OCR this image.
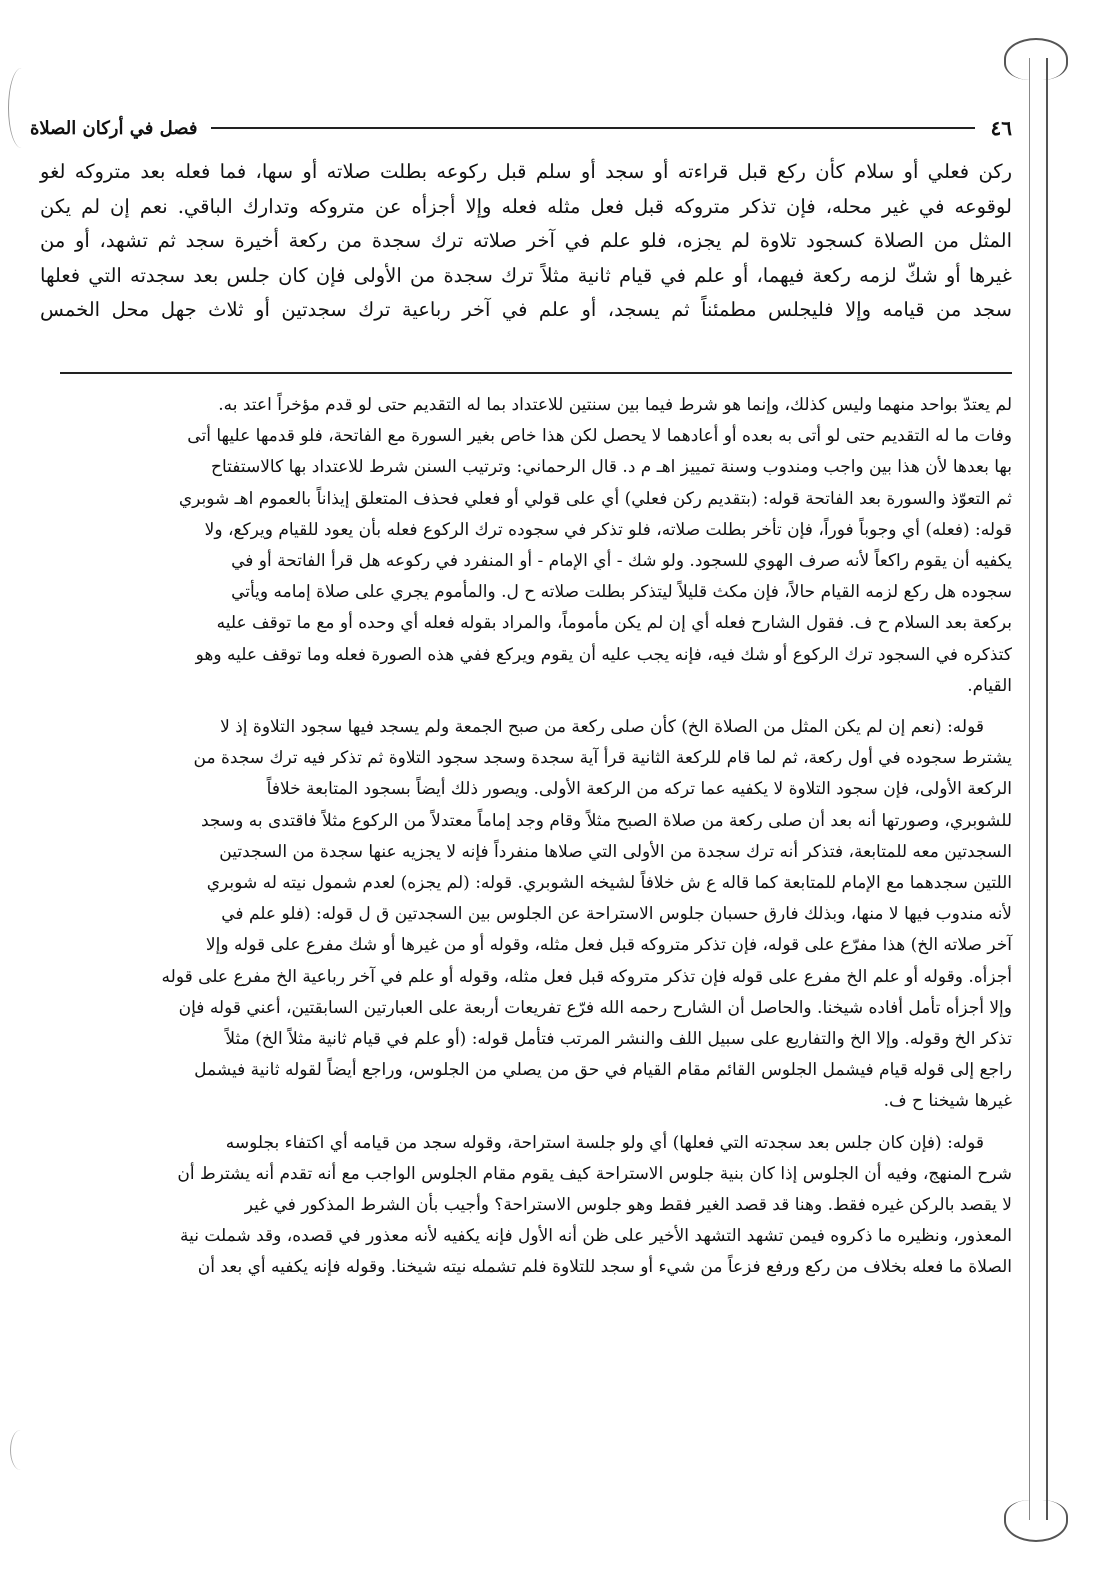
٤٦
فصل في أركان الصلاة

ركن فعلي أو سلام كأن ركع قبل قراءته أو سجد أو سلم قبل ركوعه بطلت صلاته أو سها، فما فعله بعد متروكه لغو

لوقوعه في غير محله، فإن تذكر متروكه قبل فعل مثله فعله وإلا أجزأه عن متروكه وتدارك الباقي. نعم إن لم يكن

المثل من الصلاة كسجود تلاوة لم يجزه، فلو علم في آخر صلاته ترك سجدة من ركعة أخيرة سجد ثم تشهد، أو من

غيرها أو شكّ لزمه ركعة فيهما، أو علم في قيام ثانية مثلاً ترك سجدة من الأولى فإن كان جلس بعد سجدته التي فعلها

سجد من قيامه وإلا فليجلس مطمئناً ثم يسجد، أو علم في آخر رباعية ترك سجدتين أو ثلاث جهل محل الخمس

لم يعتدّ بواحد منهما وليس كذلك، وإنما هو شرط فيما بين سنتين للاعتداد بما له التقديم حتى لو قدم مؤخراً اعتد به.

وفات ما له التقديم حتى لو أتى به بعده أو أعادهما لا يحصل لكن هذا خاص بغير السورة مع الفاتحة، فلو قدمها عليها أتى

بها بعدها لأن هذا بين واجب ومندوب وسنة تمييز اهـ م د. قال الرحماني: وترتيب السنن شرط للاعتداد بها كالاستفتاح

ثم التعوّذ والسورة بعد الفاتحة قوله: (بتقديم ركن فعلي) أي على قولي أو فعلي فحذف المتعلق إيذاناً بالعموم اهـ شوبري

قوله: (فعله) أي وجوباً فوراً، فإن تأخر بطلت صلاته، فلو تذكر في سجوده ترك الركوع فعله بأن يعود للقيام ويركع، ولا

يكفيه أن يقوم راكعاً لأنه صرف الهوي للسجود. ولو شك - أي الإمام - أو المنفرد في ركوعه هل قرأ الفاتحة أو في

سجوده هل ركع لزمه القيام حالاً، فإن مكث قليلاً ليتذكر بطلت صلاته ح ل. والمأموم يجري على صلاة إمامه ويأتي

بركعة بعد السلام ح ف. فقول الشارح فعله أي إن لم يكن مأموماً، والمراد بقوله فعله أي وحده أو مع ما توقف عليه

كتذكره في السجود ترك الركوع أو شك فيه، فإنه يجب عليه أن يقوم ويركع ففي هذه الصورة فعله وما توقف عليه وهو

القيام.

قوله: (نعم إن لم يكن المثل من الصلاة الخ) كأن صلى ركعة من صبح الجمعة ولم يسجد فيها سجود التلاوة إذ لا

يشترط سجوده في أول ركعة، ثم لما قام للركعة الثانية قرأ آية سجدة وسجد سجود التلاوة ثم تذكر فيه ترك سجدة من

الركعة الأولى، فإن سجود التلاوة لا يكفيه عما تركه من الركعة الأولى. ويصور ذلك أيضاً بسجود المتابعة خلافاً

للشوبري، وصورتها أنه بعد أن صلى ركعة من صلاة الصبح مثلاً وقام وجد إماماً معتدلاً من الركوع مثلاً فاقتدى به وسجد

السجدتين معه للمتابعة، فتذكر أنه ترك سجدة من الأولى التي صلاها منفرداً فإنه لا يجزيه عنها سجدة من السجدتين

اللتين سجدهما مع الإمام للمتابعة كما قاله ع ش خلافاً لشيخه الشوبري. قوله: (لم يجزه) لعدم شمول نيته له شوبري

لأنه مندوب فيها لا منها، وبذلك فارق حسبان جلوس الاستراحة عن الجلوس بين السجدتين ق ل قوله: (فلو علم في

آخر صلاته الخ) هذا مفرّع على قوله، فإن تذكر متروكه قبل فعل مثله، وقوله أو من غيرها أو شك مفرع على قوله وإلا

أجزأه. وقوله أو علم الخ مفرع على قوله فإن تذكر متروكه قبل فعل مثله، وقوله أو علم في آخر رباعية الخ مفرع على قوله

وإلا أجزأه تأمل أفاده شيخنا. والحاصل أن الشارح رحمه الله فرّع تفريعات أربعة على العبارتين السابقتين، أعني قوله فإن

تذكر الخ وقوله. وإلا الخ والتفاريع على سبيل اللف والنشر المرتب فتأمل قوله: (أو علم في قيام ثانية مثلاً الخ) مثلاً

راجع إلى قوله قيام فيشمل الجلوس القائم مقام القيام في حق من يصلي من الجلوس، وراجع أيضاً لقوله ثانية فيشمل

غيرها شيخنا ح ف.

قوله: (فإن كان جلس بعد سجدته التي فعلها) أي ولو جلسة استراحة، وقوله سجد من قيامه أي اكتفاء بجلوسه

شرح المنهج، وفيه أن الجلوس إذا كان بنية جلوس الاستراحة كيف يقوم مقام الجلوس الواجب مع أنه تقدم أنه يشترط أن

لا يقصد بالركن غيره فقط. وهنا قد قصد الغير فقط وهو جلوس الاستراحة؟ وأجيب بأن الشرط المذكور في غير

المعذور، ونظيره ما ذكروه فيمن تشهد التشهد الأخير على ظن أنه الأول فإنه يكفيه لأنه معذور في قصده، وقد شملت نية

الصلاة ما فعله بخلاف من ركع ورفع فزعاً من شيء أو سجد للتلاوة فلم تشمله نيته شيخنا. وقوله فإنه يكفيه أي بعد أن
